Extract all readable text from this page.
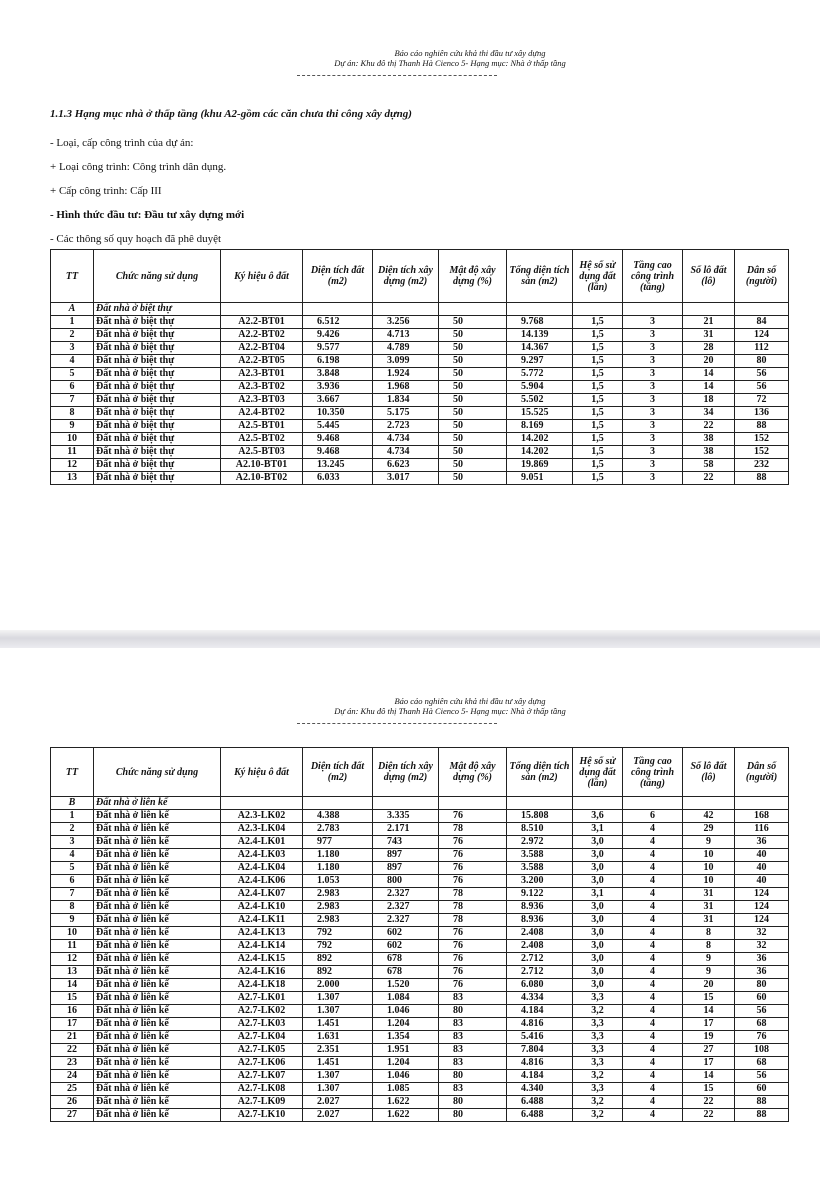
Báo cáo nghiên cứu khả thi đầu tư xây dựng
Dự án: Khu đô thị Thanh Hà Cienco 5- Hạng mục: Nhà ở thấp tầng
1.1.3 Hạng mục nhà ở thấp tầng (khu A2-gồm các căn chưa thi công xây dựng)
- Loại, cấp công trình của dự án:
+ Loại công trình: Công trình dân dụng.
+ Cấp công trình: Cấp III
- Hình thức đầu tư: Đầu tư xây dựng mới
- Các thông số quy hoạch đã phê duyệt
TT	Chức năng sử dụng	Ký hiệu ô đất	Diện tích đất (m2)	Diện tích xây dựng (m2)	Mật độ xây dựng (%)	Tổng diện tích sàn (m2)	Hệ số sử dụng đất (lần)	Tầng cao công trình (tầng)	Số lô đất (lô)	Dân số (người)
A	Đất nhà ở biệt thự									
1	Đất nhà ở biệt thự	A2.2-BT01	6.512	3.256	50	9.768	1,5	3	21	84
2	Đất nhà ở biệt thự	A2.2-BT02	9.426	4.713	50	14.139	1,5	3	31	124
3	Đất nhà ở biệt thự	A2.2-BT04	9.577	4.789	50	14.367	1,5	3	28	112
4	Đất nhà ở biệt thự	A2.2-BT05	6.198	3.099	50	9.297	1,5	3	20	80
5	Đất nhà ở biệt thự	A2.3-BT01	3.848	1.924	50	5.772	1,5	3	14	56
6	Đất nhà ở biệt thự	A2.3-BT02	3.936	1.968	50	5.904	1,5	3	14	56
7	Đất nhà ở biệt thự	A2.3-BT03	3.667	1.834	50	5.502	1,5	3	18	72
8	Đất nhà ở biệt thự	A2.4-BT02	10.350	5.175	50	15.525	1,5	3	34	136
9	Đất nhà ở biệt thự	A2.5-BT01	5.445	2.723	50	8.169	1,5	3	22	88
10	Đất nhà ở biệt thự	A2.5-BT02	9.468	4.734	50	14.202	1,5	3	38	152
11	Đất nhà ở biệt thự	A2.5-BT03	9.468	4.734	50	14.202	1,5	3	38	152
12	Đất nhà ở biệt thự	A2.10-BT01	13.245	6.623	50	19.869	1,5	3	58	232
13	Đất nhà ở biệt thự	A2.10-BT02	6.033	3.017	50	9.051	1,5	3	22	88
Báo cáo nghiên cứu khả thi đầu tư xây dựng
Dự án: Khu đô thị Thanh Hà Cienco 5- Hạng mục: Nhà ở thấp tầng
TT	Chức năng sử dụng	Ký hiệu ô đất	Diện tích đất (m2)	Diện tích xây dựng (m2)	Mật độ xây dựng (%)	Tổng diện tích sàn (m2)	Hệ số sử dụng đất (lần)	Tầng cao công trình (tầng)	Số lô đất (lô)	Dân số (người)
B	Đất nhà ở liên kế									
1	Đất nhà ở liên kế	A2.3-LK02	4.388	3.335	76	15.808	3,6	6	42	168
2	Đất nhà ở liên kế	A2.3-LK04	2.783	2.171	78	8.510	3,1	4	29	116
3	Đất nhà ở liên kế	A2.4-LK01	977	743	76	2.972	3,0	4	9	36
4	Đất nhà ở liên kế	A2.4-LK03	1.180	897	76	3.588	3,0	4	10	40
5	Đất nhà ở liên kế	A2.4-LK04	1.180	897	76	3.588	3,0	4	10	40
6	Đất nhà ở liên kế	A2.4-LK06	1.053	800	76	3.200	3,0	4	10	40
7	Đất nhà ở liên kế	A2.4-LK07	2.983	2.327	78	9.122	3,1	4	31	124
8	Đất nhà ở liên kế	A2.4-LK10	2.983	2.327	78	8.936	3,0	4	31	124
9	Đất nhà ở liên kế	A2.4-LK11	2.983	2.327	78	8.936	3,0	4	31	124
10	Đất nhà ở liên kế	A2.4-LK13	792	602	76	2.408	3,0	4	8	32
11	Đất nhà ở liên kế	A2.4-LK14	792	602	76	2.408	3,0	4	8	32
12	Đất nhà ở liên kế	A2.4-LK15	892	678	76	2.712	3,0	4	9	36
13	Đất nhà ở liên kế	A2.4-LK16	892	678	76	2.712	3,0	4	9	36
14	Đất nhà ở liên kế	A2.4-LK18	2.000	1.520	76	6.080	3,0	4	20	80
15	Đất nhà ở liên kế	A2.7-LK01	1.307	1.084	83	4.334	3,3	4	15	60
16	Đất nhà ở liên kế	A2.7-LK02	1.307	1.046	80	4.184	3,2	4	14	56
17	Đất nhà ở liên kế	A2.7-LK03	1.451	1.204	83	4.816	3,3	4	17	68
21	Đất nhà ở liên kế	A2.7-LK04	1.631	1.354	83	5.416	3,3	4	19	76
22	Đất nhà ở liên kế	A2.7-LK05	2.351	1.951	83	7.804	3,3	4	27	108
23	Đất nhà ở liên kế	A2.7-LK06	1.451	1.204	83	4.816	3,3	4	17	68
24	Đất nhà ở liên kế	A2.7-LK07	1.307	1.046	80	4.184	3,2	4	14	56
25	Đất nhà ở liên kế	A2.7-LK08	1.307	1.085	83	4.340	3,3	4	15	60
26	Đất nhà ở liên kế	A2.7-LK09	2.027	1.622	80	6.488	3,2	4	22	88
27	Đất nhà ở liên kế	A2.7-LK10	2.027	1.622	80	6.488	3,2	4	22	88
